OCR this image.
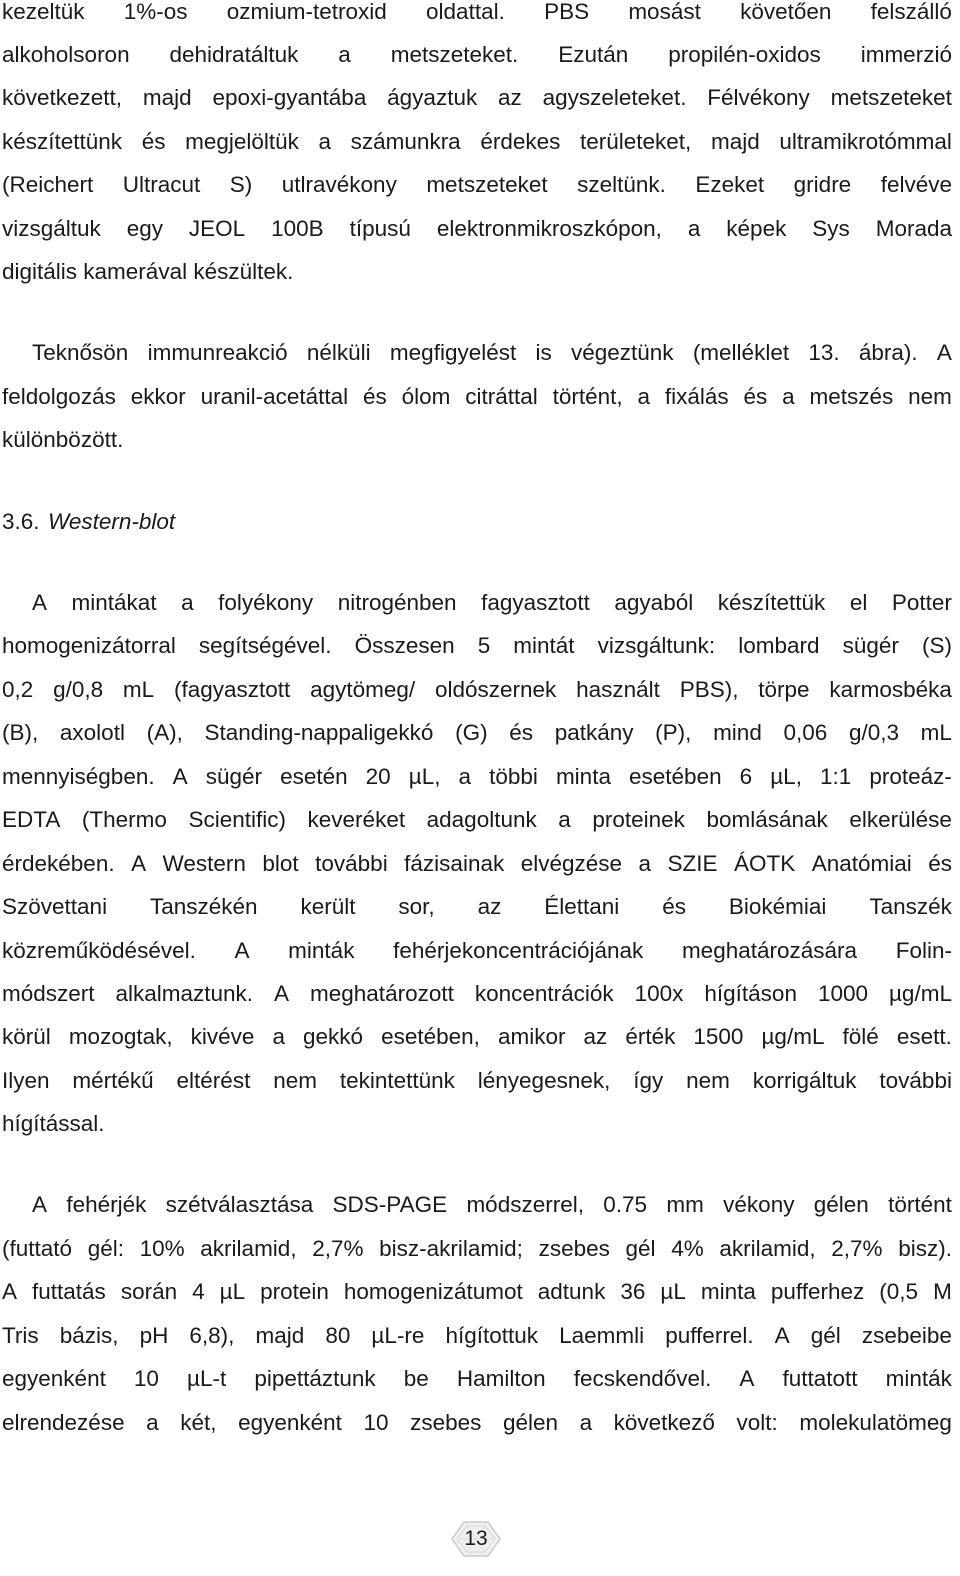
kezeltük 1%-os ozmium-tetroxid oldattal. PBS mosást követően felszálló
alkoholsoron dehidratáltuk a metszeteket. Ezután propilén-oxidos immerzió
következett, majd epoxi-gyantába ágyaztuk az agyszeleteket. Félvékony metszeteket
készítettünk és megjelöltük a számunkra érdekes területeket, majd ultramikrotómmal
(Reichert Ultracut S) utlravékony metszeteket szeltünk. Ezeket gridre felvéve
vizsgáltuk egy JEOL 100B típusú elektronmikroszkópon, a képek Sys Morada
digitális kamerával készültek.
Teknősön immunreakció nélküli megfigyelést is végeztünk (melléklet 13. ábra). A
feldolgozás ekkor uranil-acetáttal és ólom citráttal történt, a fixálás és a metszés nem
különbözött.
3.6. Western-blot
A mintákat a folyékony nitrogénben fagyasztott agyaból készítettük el Potter
homogenizátorral segítségével. Összesen 5 mintát vizsgáltunk: lombard sügér (S)
0,2 g/0,8 mL (fagyasztott agytömeg/ oldószernek használt PBS), törpe karmosbéka
(B), axolotl (A), Standing-nappaligekkó (G) és patkány (P), mind 0,06 g/0,3 mL
mennyiségben. A sügér esetén 20 µL, a többi minta esetében 6 µL, 1:1 proteáz-
EDTA (Thermo Scientific) keveréket adagoltunk a proteinek bomlásának elkerülése
érdekében. A Western blot további fázisainak elvégzése a SZIE ÁOTK Anatómiai és
Szövettani Tanszékén került sor, az Élettani és Biokémiai Tanszék
közreműködésével. A minták fehérjekoncentrációjának meghatározására Folin-
módszert alkalmaztunk. A meghatározott koncentrációk 100x hígításon 1000 µg/mL
körül mozogtak, kivéve a gekkó esetében, amikor az érték 1500 µg/mL fölé esett.
Ilyen mértékű eltérést nem tekintettünk lényegesnek, így nem korrigáltuk további
hígítással.
A fehérjék szétválasztása SDS-PAGE módszerrel, 0.75 mm vékony gélen történt
(futtató gél: 10% akrilamid, 2,7% bisz-akrilamid; zsebes gél 4% akrilamid, 2,7% bisz).
A futtatás során 4 µL protein homogenizátumot adtunk 36 µL minta pufferhez (0,5 M
Tris bázis, pH 6,8), majd 80 µL-re hígítottuk Laemmli pufferrel. A gél zsebeibe
egyenként 10 µL-t pipettáztunk be Hamilton fecskendővel. A futtatott minták
elrendezése a két, egyenként 10 zsebes gélen a következő volt: molekulatömeg
13
